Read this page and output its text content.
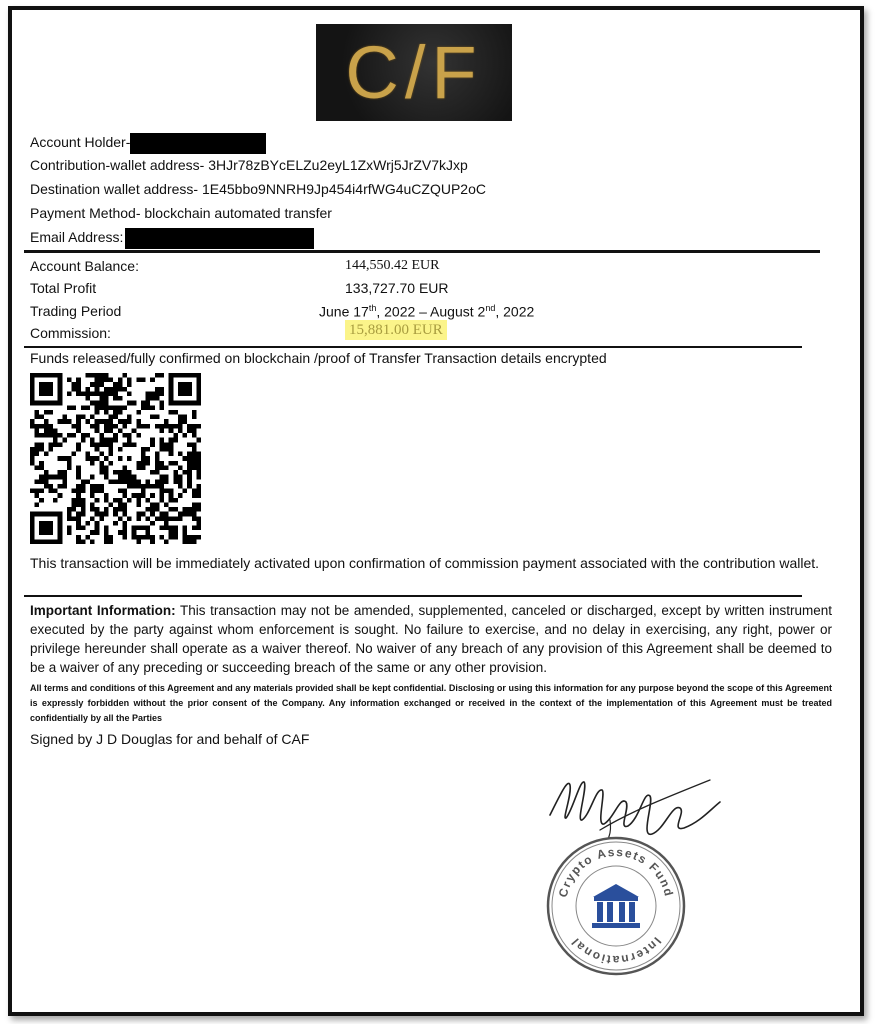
C/F
Account Holder-
Contribution-wallet address- 3HJr78zBYcELZu2eyL1ZxWrj5JrZV7kJxp
Destination wallet address- 1E45bbo9NNRH9Jp454i4rfWG4uCZQUP2oC
Payment Method- blockchain automated transfer
Email Address:
Account Balance:	144,550.42 EUR
Total Profit	133,727.70 EUR
Trading Period	June 17th, 2022 – August 2nd, 2022
Commission:	15,881.00 EUR
Funds released/fully confirmed on blockchain /proof of Transfer Transaction details encrypted
This transaction will be immediately activated upon confirmation of commission payment associated with the contribution wallet.
Important Information: This transaction may not be amended, supplemented, canceled or discharged, except by written instrument executed by the party against whom enforcement is sought. No failure to exercise, and no delay in exercising, any right, power or privilege hereunder shall operate as a waiver thereof. No waiver of any breach of any provision of this Agreement shall be deemed to be a waiver of any preceding or succeeding breach of the same or any other provision.
All terms and conditions of this Agreement and any materials provided shall be kept confidential. Disclosing or using this information for any purpose beyond the scope of this Agreement is expressly forbidden without the prior consent of the Company. Any information exchanged or received in the context of the implementation of this Agreement must be treated confidentially by all the Parties
Signed by J D Douglas for and behalf of CAF
Crypto Assets Fund
International
